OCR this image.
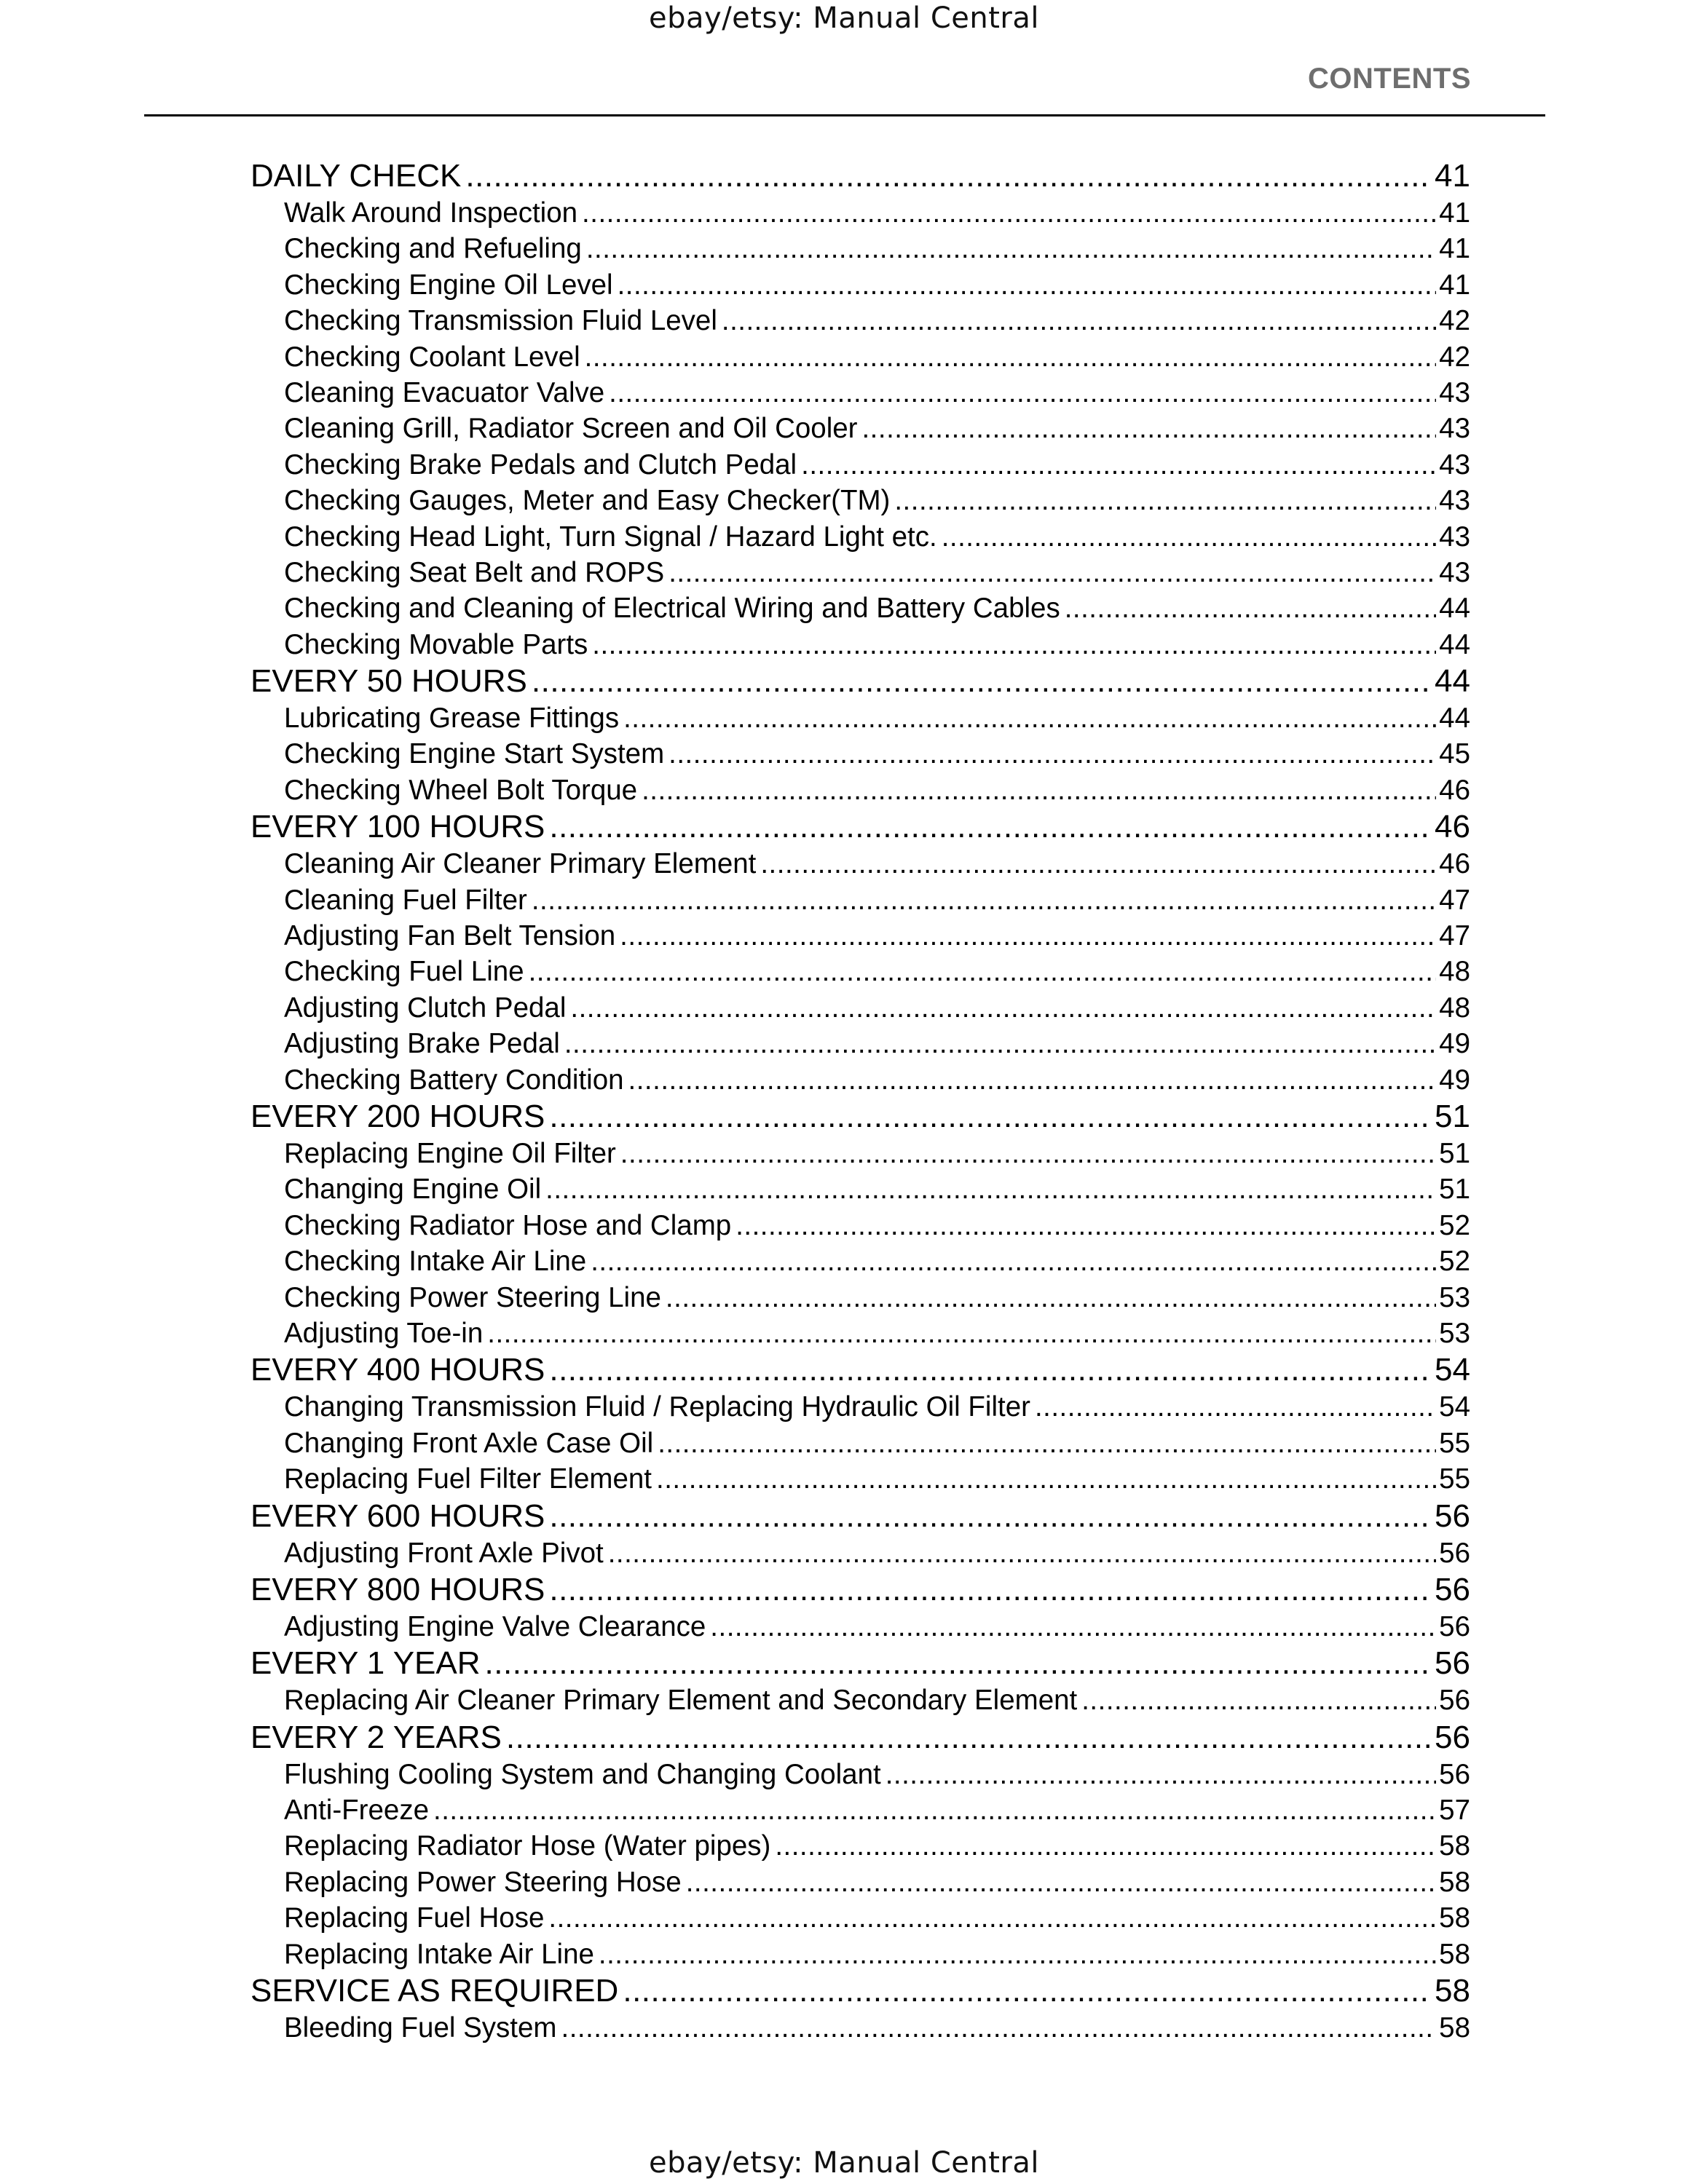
ebay/etsy: Manual Central
CONTENTS
DAILY CHECK .....	41
Walk Around Inspection .....	41
Checking and Refueling .....	41
Checking Engine Oil Level .....	41
Checking Transmission Fluid Level .....	42
Checking Coolant Level .....	42
Cleaning Evacuator Valve .....	43
Cleaning Grill, Radiator Screen and Oil Cooler .....	43
Checking Brake Pedals and Clutch Pedal .....	43
Checking Gauges, Meter and Easy Checker(TM) .....	43
Checking Head Light, Turn Signal / Hazard Light etc. .....	43
Checking Seat Belt and ROPS .....	43
Checking and Cleaning of Electrical Wiring and Battery Cables .....	44
Checking Movable Parts .....	44
EVERY 50 HOURS .....	44
Lubricating Grease Fittings .....	44
Checking Engine Start System .....	45
Checking Wheel Bolt Torque .....	46
EVERY 100 HOURS .....	46
Cleaning Air Cleaner Primary Element .....	46
Cleaning Fuel Filter .....	47
Adjusting Fan Belt Tension .....	47
Checking Fuel Line .....	48
Adjusting Clutch Pedal .....	48
Adjusting Brake Pedal .....	49
Checking Battery Condition .....	49
EVERY 200 HOURS .....	51
Replacing Engine Oil Filter .....	51
Changing Engine Oil .....	51
Checking Radiator Hose and Clamp .....	52
Checking Intake Air Line .....	52
Checking Power Steering Line .....	53
Adjusting Toe-in .....	53
EVERY 400 HOURS .....	54
Changing Transmission Fluid / Replacing Hydraulic Oil Filter .....	54
Changing Front Axle Case Oil .....	55
Replacing Fuel Filter Element .....	55
EVERY 600 HOURS .....	56
Adjusting Front Axle Pivot .....	56
EVERY 800 HOURS .....	56
Adjusting Engine Valve Clearance .....	56
EVERY 1 YEAR .....	56
Replacing Air Cleaner Primary Element and Secondary Element .....	56
EVERY 2 YEARS .....	56
Flushing Cooling System and Changing Coolant .....	56
Anti-Freeze .....	57
Replacing Radiator Hose (Water pipes) .....	58
Replacing Power Steering Hose .....	58
Replacing Fuel Hose .....	58
Replacing Intake Air Line .....	58
SERVICE AS REQUIRED .....	58
Bleeding Fuel System .....	58
ebay/etsy: Manual Central
